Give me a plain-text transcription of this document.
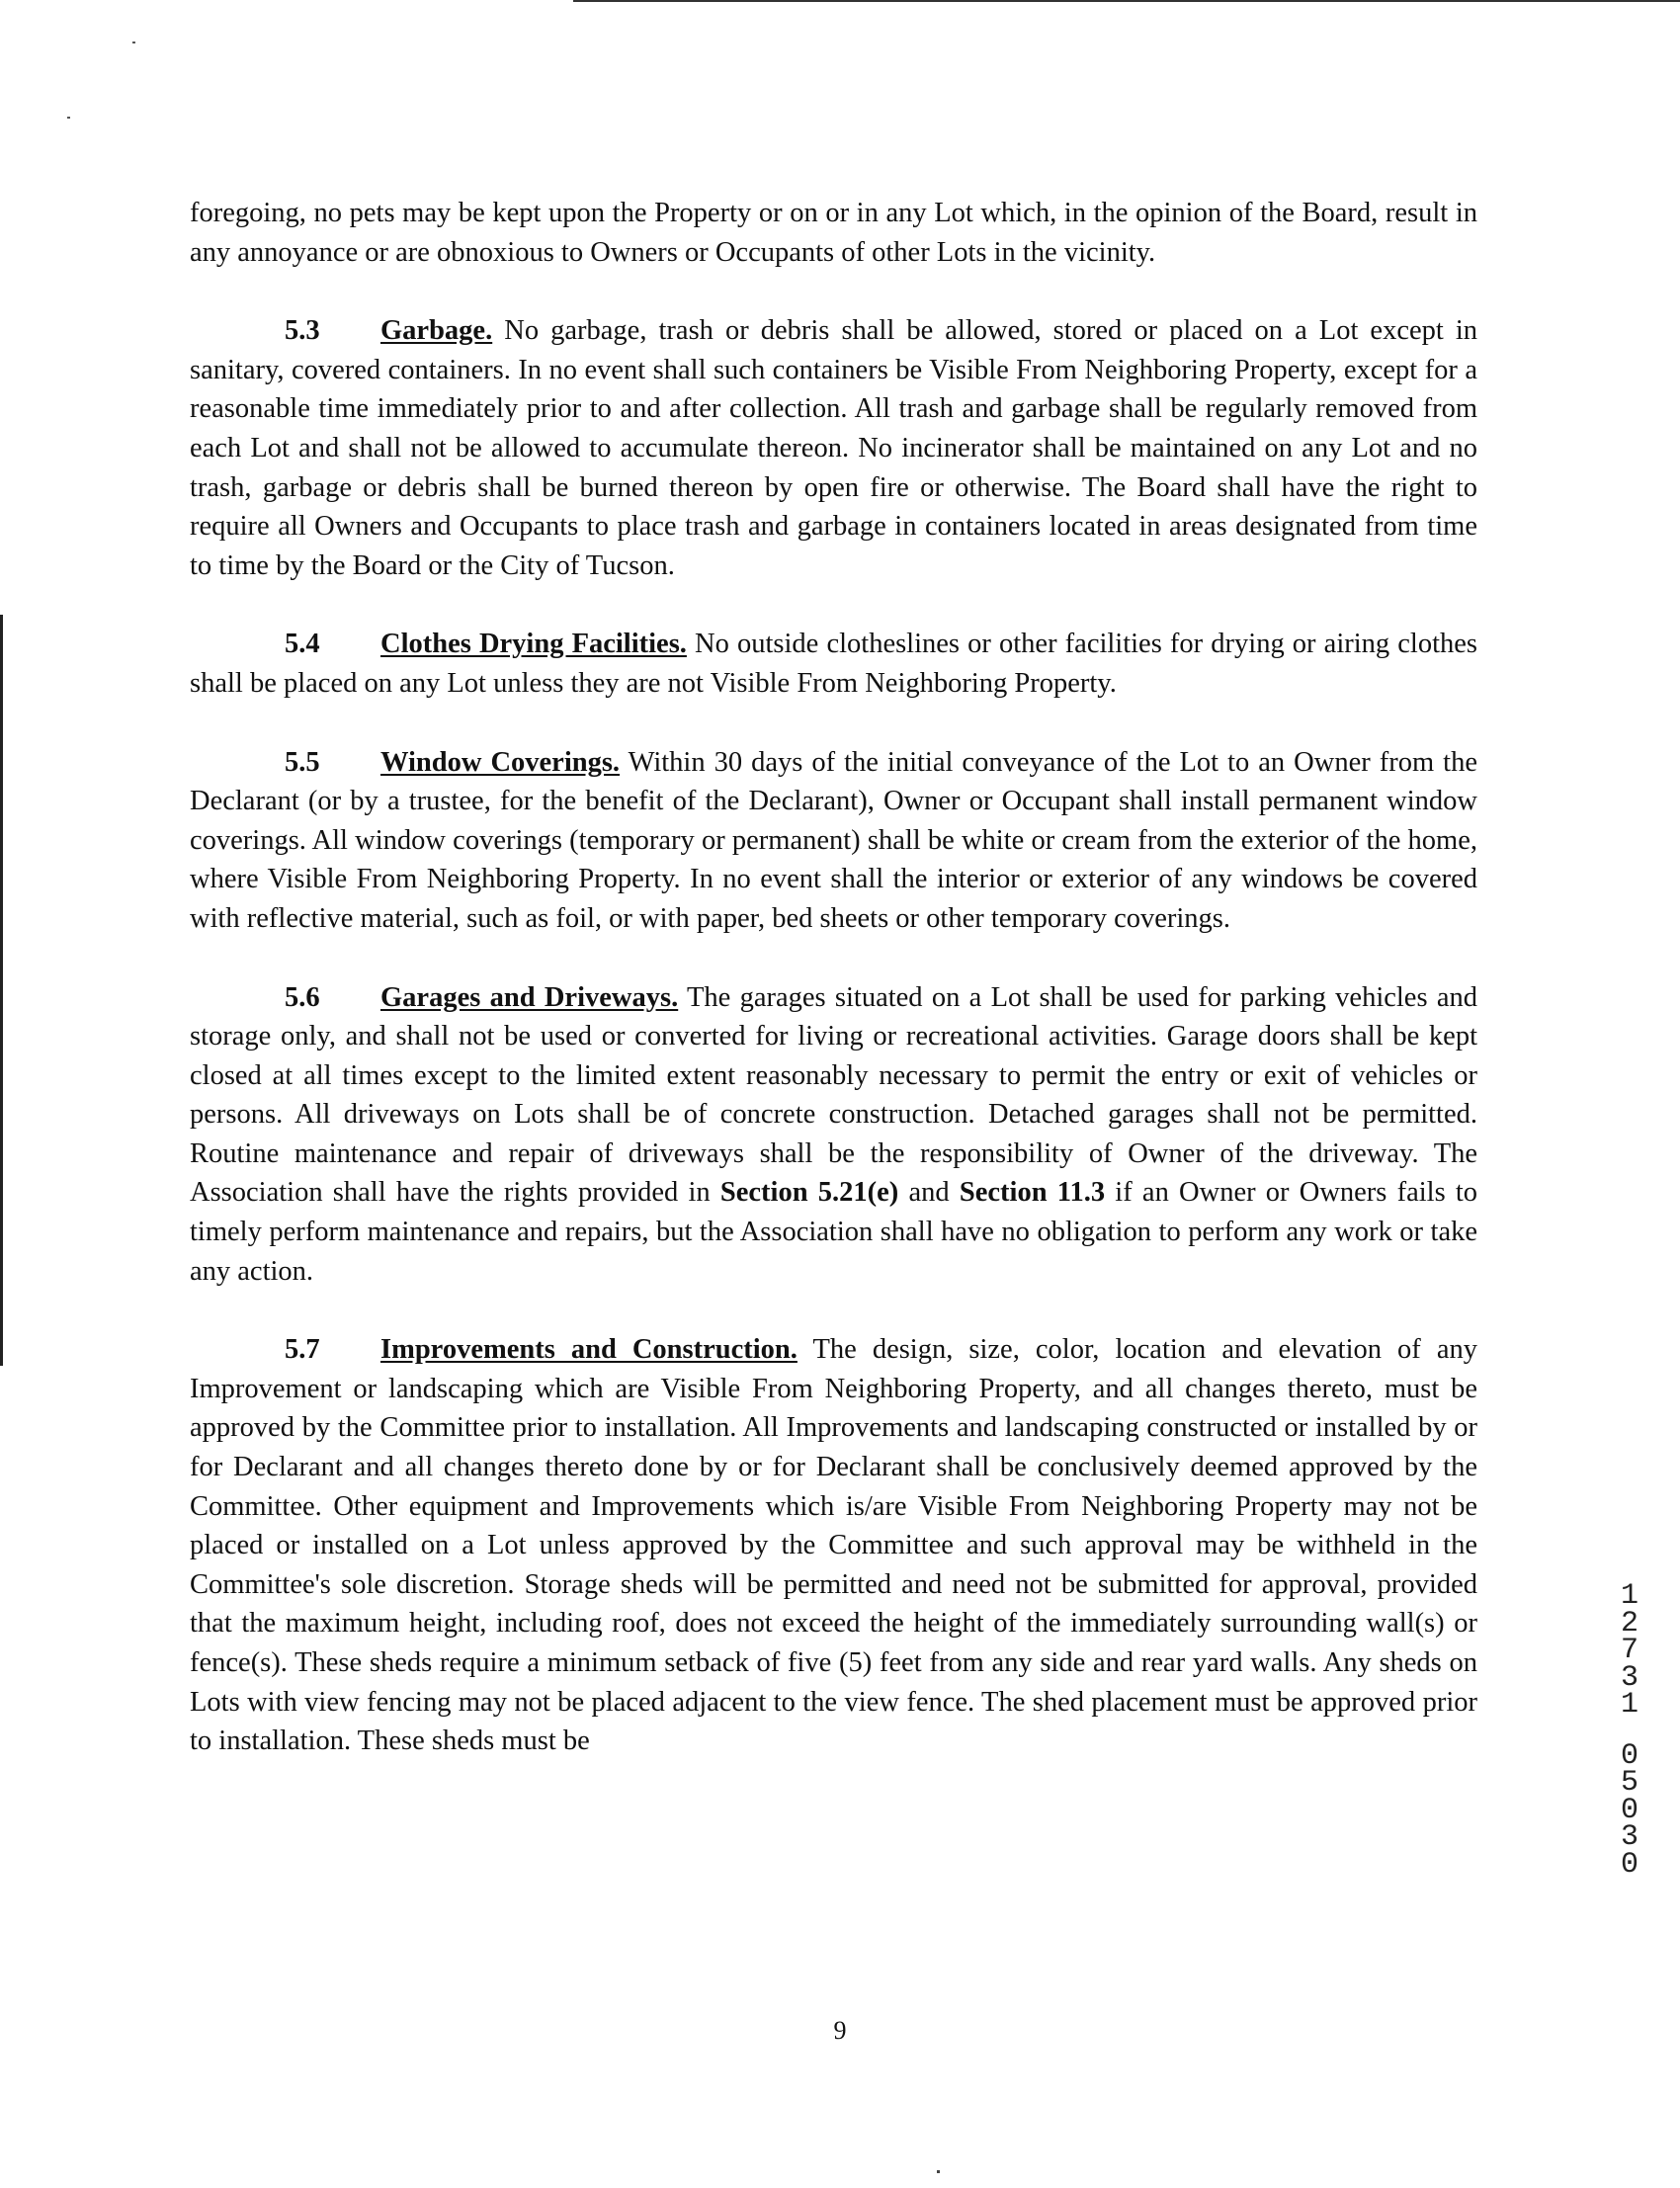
foregoing, no pets may be kept upon the Property or on or in any Lot which, in the opinion of the Board, result in any annoyance or are obnoxious to Owners or Occupants of other Lots in the vicinity.

5.3 Garbage. No garbage, trash or debris shall be allowed, stored or placed on a Lot except in sanitary, covered containers. In no event shall such containers be Visible From Neighboring Property, except for a reasonable time immediately prior to and after collection. All trash and garbage shall be regularly removed from each Lot and shall not be allowed to accumulate thereon. No incinerator shall be maintained on any Lot and no trash, garbage or debris shall be burned thereon by open fire or otherwise. The Board shall have the right to require all Owners and Occupants to place trash and garbage in containers located in areas designated from time to time by the Board or the City of Tucson.

5.4 Clothes Drying Facilities. No outside clotheslines or other facilities for drying or airing clothes shall be placed on any Lot unless they are not Visible From Neighboring Property.

5.5 Window Coverings. Within 30 days of the initial conveyance of the Lot to an Owner from the Declarant (or by a trustee, for the benefit of the Declarant), Owner or Occupant shall install permanent window coverings. All window coverings (temporary or permanent) shall be white or cream from the exterior of the home, where Visible From Neighboring Property. In no event shall the interior or exterior of any windows be covered with reflective material, such as foil, or with paper, bed sheets or other temporary coverings.

5.6 Garages and Driveways. The garages situated on a Lot shall be used for parking vehicles and storage only, and shall not be used or converted for living or recreational activities. Garage doors shall be kept closed at all times except to the limited extent reasonably necessary to permit the entry or exit of vehicles or persons. All driveways on Lots shall be of concrete construction. Detached garages shall not be permitted. Routine maintenance and repair of driveways shall be the responsibility of Owner of the driveway. The Association shall have the rights provided in Section 5.21(e) and Section 11.3 if an Owner or Owners fails to timely perform maintenance and repairs, but the Association shall have no obligation to perform any work or take any action.

5.7 Improvements and Construction. The design, size, color, location and elevation of any Improvement or landscaping which are Visible From Neighboring Property, and all changes thereto, must be approved by the Committee prior to installation. All Improvements and landscaping constructed or installed by or for Declarant and all changes thereto done by or for Declarant shall be conclusively deemed approved by the Committee. Other equipment and Improvements which is/are Visible From Neighboring Property may not be placed or installed on a Lot unless approved by the Committee and such approval may be withheld in the Committee's sole discretion. Storage sheds will be permitted and need not be submitted for approval, provided that the maximum height, including roof, does not exceed the height of the immediately surrounding wall(s) or fence(s). These sheds require a minimum setback of five (5) feet from any side and rear yard walls. Any sheds on Lots with view fencing may not be placed adjacent to the view fence. The shed placement must be approved prior to installation. These sheds must be

1
2
7
3
1
0
5
0
3
0
9
